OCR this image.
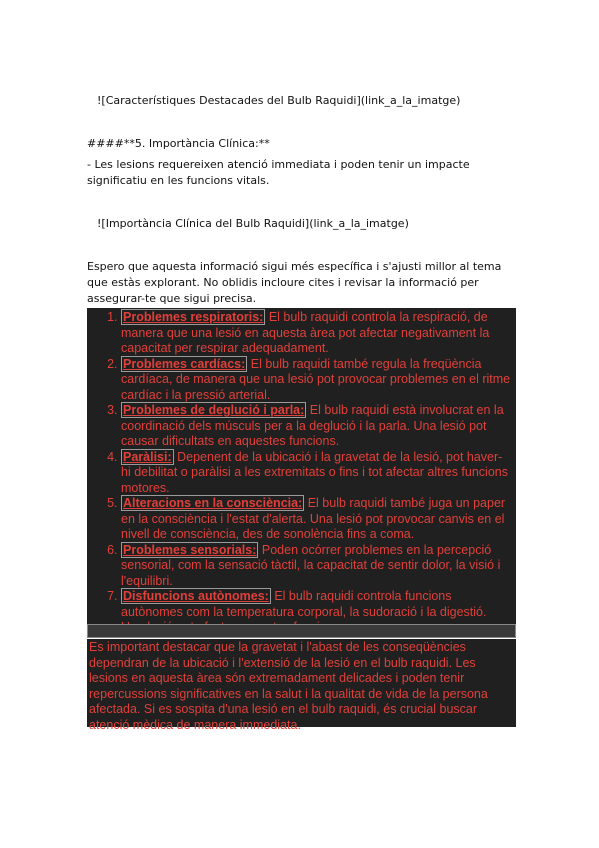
![Característiques Destacades del Bulb Raquidi](link_a_la_imatge)
####**5. Importància Clínica:**
- Les lesions requereixen atenció immediata i poden tenir un impacte significatiu en les funcions vitals.
![Importància Clínica del Bulb Raquidi](link_a_la_imatge)
Espero que aquesta informació sigui més específica i s'ajusti millor al tema que estàs explorant. No oblidis incloure cites i revisar la informació per assegurar-te que sigui precisa.
1. Problemes respiratoris: El bulb raquidi controla la respiració, de manera que una lesió en aquesta àrea pot afectar negativament la capacitat per respirar adequadament.
2. Problemes cardíacs: El bulb raquidi també regula la freqüència cardíaca, de manera que una lesió pot provocar problemes en el ritme cardíac i la pressió arterial.
3. Problemes de deglució i parla: El bulb raquidi està involucrat en la coordinació dels músculs per a la deglució i la parla. Una lesió pot causar dificultats en aquestes funcions.
4. Paràlisi: Depenent de la ubicació i la gravetat de la lesió, pot haver-hi debilitat o paràlisi a les extremitats o fins i tot afectar altres funcions motores.
5. Alteracions en la consciència: El bulb raquidi també juga un paper en la consciència i l'estat d'alerta. Una lesió pot provocar canvis en el nivell de consciència, des de sonolència fins a coma.
6. Problemes sensorials: Poden ocórrer problemes en la percepció sensorial, com la sensació tàctil, la capacitat de sentir dolor, la visió i l'equilibri.
7. Disfuncions autònomes: El bulb raquidi controla funcions autònomes com la temperatura corporal, la sudoració i la digestió.
Es important destacar que la gravetat i l'abast de les conseqüències dependran de la ubicació i l'extensió de la lesió en el bulb raquidi. Les lesions en aquesta àrea són extremadament delicades i poden tenir repercussions significatives en la salut i la qualitat de vida de la persona afectada. Si es sospita d'una lesió en el bulb raquidi, és crucial buscar atenció mèdica de manera immediata.
